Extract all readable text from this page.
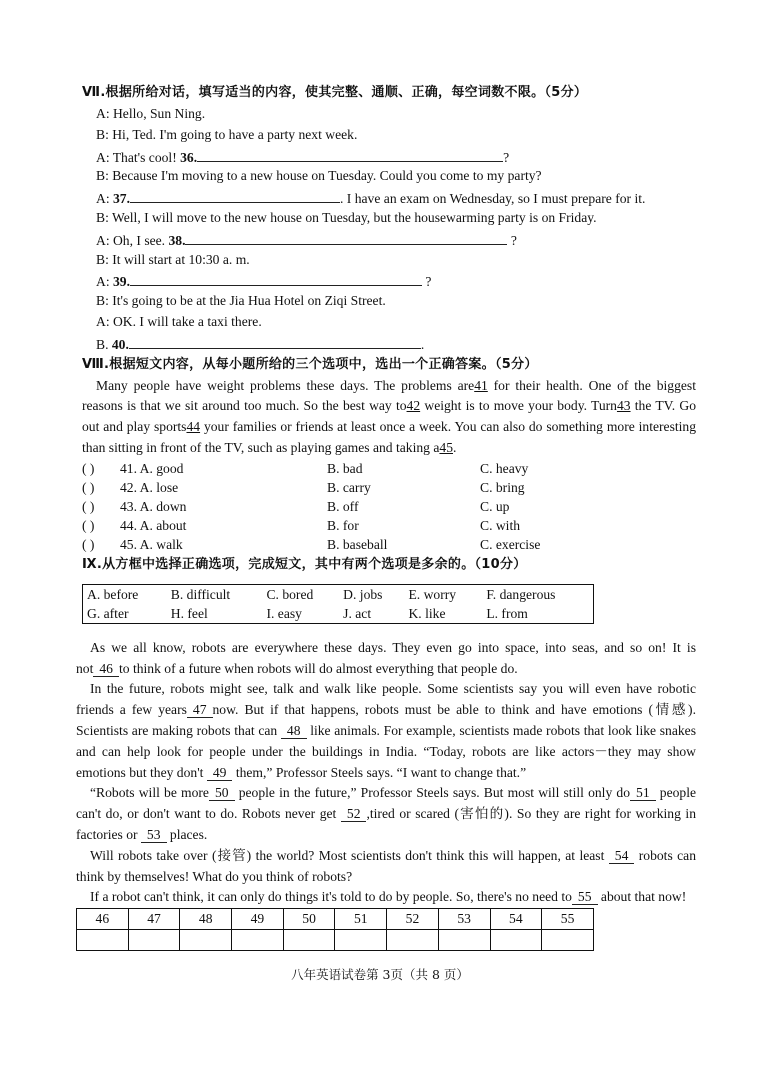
Ⅶ.根据所给对话，填写适当的内容，使其完整、通顺、正确，每空词数不限。（5分）
A: Hello, Sun Ning.
B: Hi, Ted. I'm going to have a party next week.
A: That's cool! 36.	?
B: Because I'm moving to a new house on Tuesday. Could you come to my party?
A: 37.	. I have an exam on Wednesday, so I must prepare for it.
B: Well, I will move to the new house on Tuesday, but the housewarming party is on Friday.
A: Oh, I see. 38.	?
B: It will start at 10:30 a. m.
A: 39.	?
B: It's going to be at the Jia Hua Hotel on Ziqi Street.
A: OK. I will take a taxi there.
B. 40.	.
Ⅷ.根据短文内容，从每小题所给的三个选项中，选出一个正确答案。（5分）

Many people have weight problems these days. The problems are41 for their health. One of the biggest reasons is that we sit around too much. So the best way to42 weight is to move your body. Turn43 the TV. Go out and play sports44 your families or friends at least once a week. You can also do something more interesting than sitting in front of the TV, such as playing games and taking a45.

( ) 41. A. good	B. bad	C. heavy
( ) 42. A. lose	B. carry	C. bring
( ) 43. A. down	B. off	C. up
( ) 44. A. about	B. for	C. with
( ) 45. A. walk	B. baseball	C. exercise
Ⅸ.从方框中选择正确选项，完成短文，其中有两个选项是多余的。（10分）
A. before	B. difficult	C. bored	D. jobs	E. worry	F. dangerous
G. after	H. feel	I. easy	J. act	K. like	L. from

As we all know, robots are everywhere these days. They even go into space, into seas, and so on! It is not 46 to think of a future when robots will do almost everything that people do.

In the future, robots might see, talk and walk like people. Some scientists say you will even have robotic friends a few years 47 now. But if that happens, robots must be able to think and have emotions (情感). Scientists are making robots that can 48 like animals. For example, scientists made robots that look like snakes and can help look for people under the buildings in India. “Today, robots are like actors－they may show emotions but they don't 49 them,” Professor Steels says. “I want to change that.”

“Robots will be more 50 people in the future,” Professor Steels says. But most will still only do 51 people can't do, or don't want to do. Robots never get 52 ,tired or scared (害怕的). So they are right for working in factories or 53 places.

Will robots take over (接管) the world? Most scientists don't think this will happen, at least 54 robots can think by themselves! What do you think of robots?

If a robot can't think, it can only do things it's told to do by people. So, there's no need to 55 about that now!

46	47	48	49	50	51	52	53	54	55

八年英语试卷第 3页（共 8 页）
